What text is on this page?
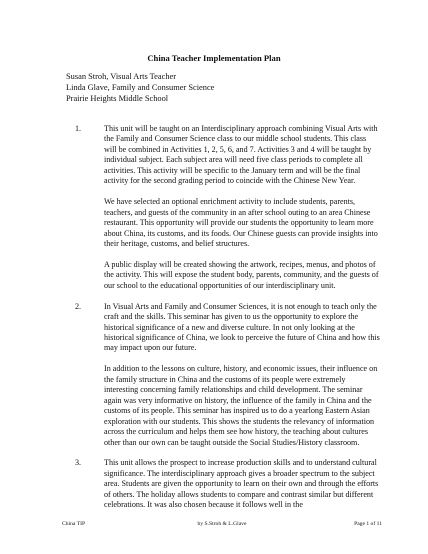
China Teacher Implementation Plan
Susan Stroh, Visual Arts Teacher
Linda Glave, Family and Consumer Science
Prairie Heights Middle School
1.	This unit will be taught on an Interdisciplinary approach combining Visual Arts with the Family and Consumer Science class to our middle school students. This class will be combined in Activities 1, 2, 5, 6, and 7. Activities 3 and 4 will be taught by individual subject. Each subject area will need five class periods to complete all activities. This activity will be specific to the January term and will be the final activity for the second grading period to coincide with the Chinese New Year.

We have selected an optional enrichment activity to include students, parents, teachers, and guests of the community in an after school outing to an area Chinese restaurant. This opportunity will provide our students the opportunity to learn more about China, its customs, and its foods. Our Chinese guests can provide insights into their heritage, customs, and belief structures.

A public display will be created showing the artwork, recipes, menus, and photos of the activity. This will expose the student body, parents, community, and the guests of our school to the educational opportunities of our interdisciplinary unit.

2.	In Visual Arts and Family and Consumer Sciences, it is not enough to teach only the craft and the skills. This seminar has given to us the opportunity to explore the historical significance of a new and diverse culture. In not only looking at the historical significance of China, we look to perceive the future of China and how this may impact upon our future.

In addition to the lessons on culture, history, and economic issues, their influence on the family structure in China and the customs of its people were extremely interesting concerning family relationships and child development. The seminar again was very informative on history, the influence of the family in China and the customs of its people. This seminar has inspired us to do a yearlong Eastern Asian exploration with our students. This shows the students the relevancy of information across the curriculum and helps them see how history, the teaching about cultures other than our own can be taught outside the Social Studies/History classroom.

3.	This unit allows the prospect to increase production skills and to understand cultural significance. The interdisciplinary approach gives a broader spectrum to the subject area. Students are given the opportunity to learn on their own and through the efforts of others. The holiday allows students to compare and contrast similar but different celebrations. It was also chosen because it follows well in the

China TIP	by S.Stroh & L.Glave	Page 1 of 11
